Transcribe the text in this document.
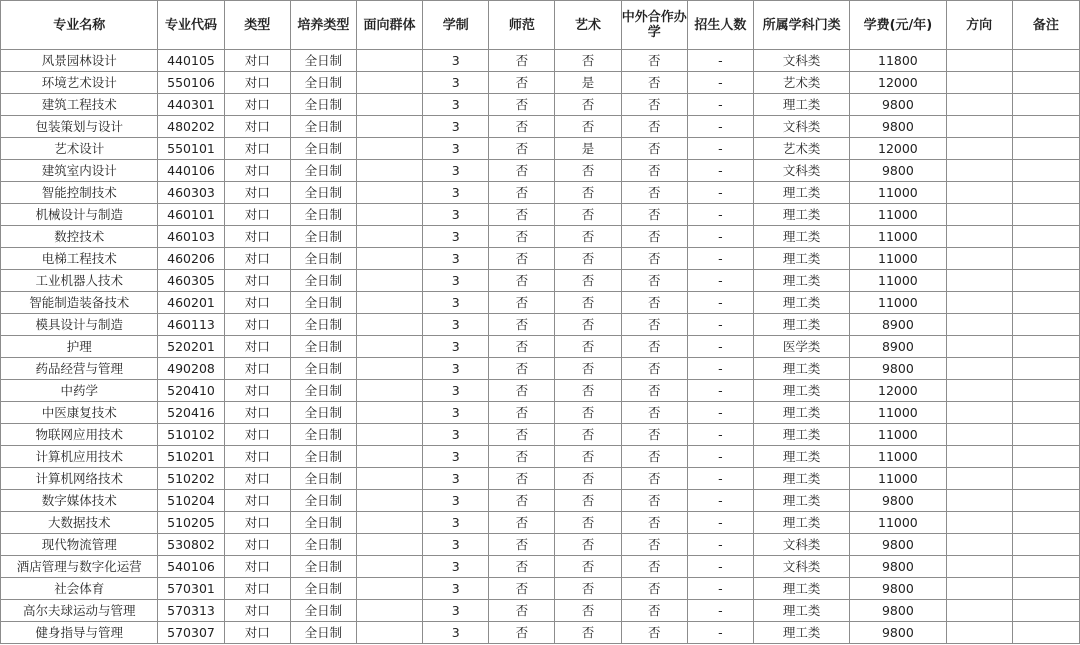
专业名称	专业代码	类型	培养类型	面向群体	学制	师范	艺术	中外合作办学	招生人数	所属学科门类	学费(元/年)	方向	备注
风景园林设计	440105	对口	全日制		3	否	否	否	-	文科类	11800		
环境艺术设计	550106	对口	全日制		3	否	是	否	-	艺术类	12000		
建筑工程技术	440301	对口	全日制		3	否	否	否	-	理工类	9800		
包装策划与设计	480202	对口	全日制		3	否	否	否	-	文科类	9800		
艺术设计	550101	对口	全日制		3	否	是	否	-	艺术类	12000		
建筑室内设计	440106	对口	全日制		3	否	否	否	-	文科类	9800		
智能控制技术	460303	对口	全日制		3	否	否	否	-	理工类	11000		
机械设计与制造	460101	对口	全日制		3	否	否	否	-	理工类	11000		
数控技术	460103	对口	全日制		3	否	否	否	-	理工类	11000		
电梯工程技术	460206	对口	全日制		3	否	否	否	-	理工类	11000		
工业机器人技术	460305	对口	全日制		3	否	否	否	-	理工类	11000		
智能制造装备技术	460201	对口	全日制		3	否	否	否	-	理工类	11000		
模具设计与制造	460113	对口	全日制		3	否	否	否	-	理工类	8900		
护理	520201	对口	全日制		3	否	否	否	-	医学类	8900		
药品经营与管理	490208	对口	全日制		3	否	否	否	-	理工类	9800		
中药学	520410	对口	全日制		3	否	否	否	-	理工类	12000		
中医康复技术	520416	对口	全日制		3	否	否	否	-	理工类	11000		
物联网应用技术	510102	对口	全日制		3	否	否	否	-	理工类	11000		
计算机应用技术	510201	对口	全日制		3	否	否	否	-	理工类	11000		
计算机网络技术	510202	对口	全日制		3	否	否	否	-	理工类	11000		
数字媒体技术	510204	对口	全日制		3	否	否	否	-	理工类	9800		
大数据技术	510205	对口	全日制		3	否	否	否	-	理工类	11000		
现代物流管理	530802	对口	全日制		3	否	否	否	-	文科类	9800		
酒店管理与数字化运营	540106	对口	全日制		3	否	否	否	-	文科类	9800		
社会体育	570301	对口	全日制		3	否	否	否	-	理工类	9800		
高尔夫球运动与管理	570313	对口	全日制		3	否	否	否	-	理工类	9800		
健身指导与管理	570307	对口	全日制		3	否	否	否	-	理工类	9800		
